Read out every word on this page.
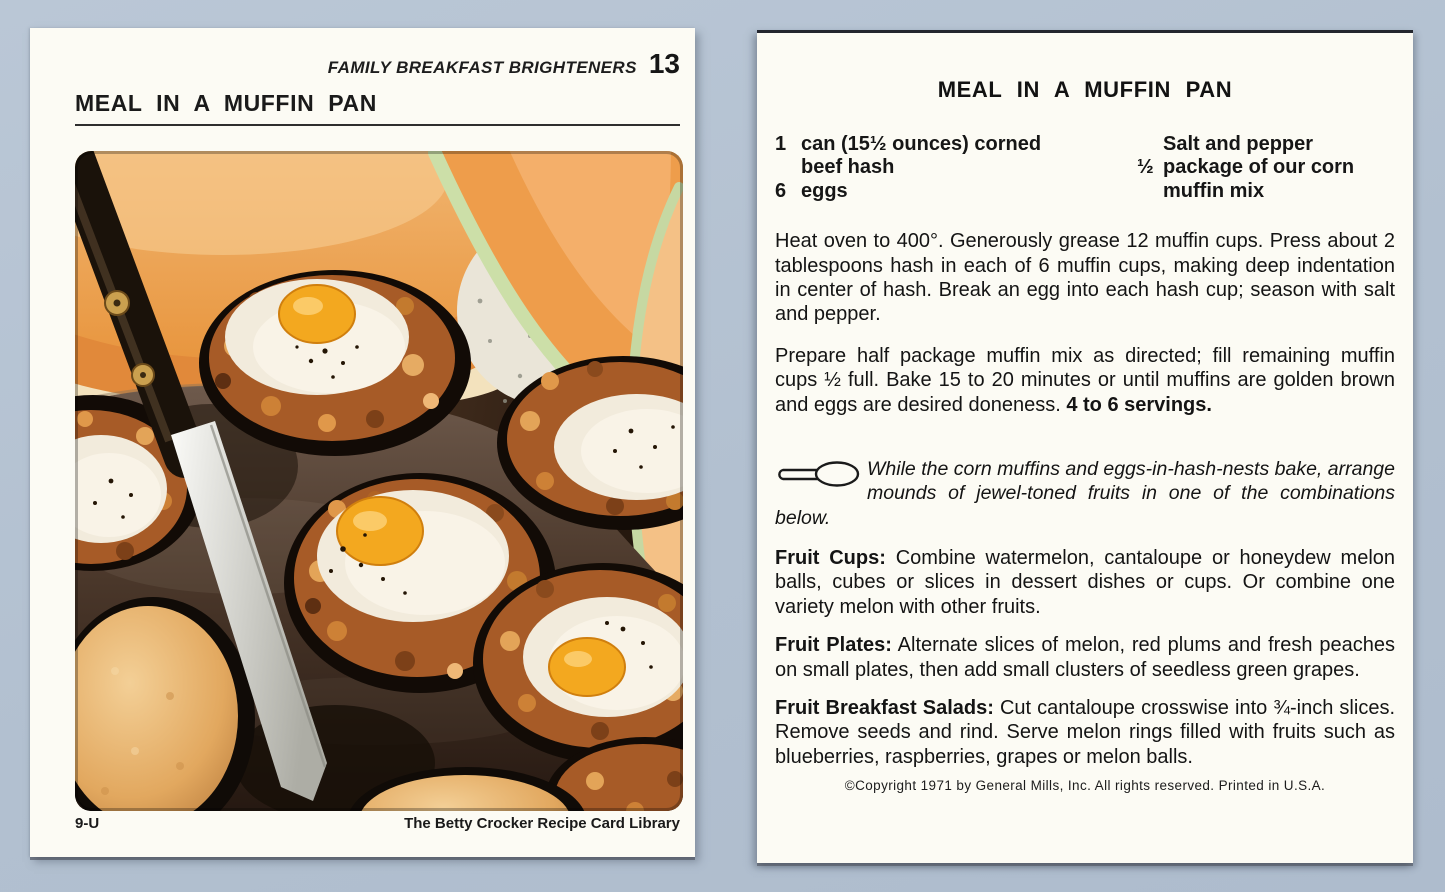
FAMILY BREAKFAST BRIGHTENERS 13
MEAL IN A MUFFIN PAN
9-U	The Betty Crocker Recipe Card Library
MEAL IN A MUFFIN PAN
1 can (15½ ounces) corned beef hash
6 eggs
Salt and pepper
½ package of our corn muffin mix

Heat oven to 400°. Generously grease 12 muffin cups. Press about 2 tablespoons hash in each of 6 muffin cups, making deep indentation in center of hash. Break an egg into each hash cup; season with salt and pepper.

Prepare half package muffin mix as directed; fill remaining muffin cups ½ full. Bake 15 to 20 minutes or until muffins are golden brown and eggs are desired doneness. 4 to 6 servings.

While the corn muffins and eggs-in-hash-nests bake, arrange mounds of jewel-toned fruits in one of the combinations below.

Fruit Cups: Combine watermelon, cantaloupe or honeydew melon balls, cubes or slices in dessert dishes or cups. Or combine one variety melon with other fruits.

Fruit Plates: Alternate slices of melon, red plums and fresh peaches on small plates, then add small clusters of seedless green grapes.

Fruit Breakfast Salads: Cut cantaloupe crosswise into ¾-inch slices. Remove seeds and rind. Serve melon rings filled with fruits such as blueberries, raspberries, grapes or melon balls.

©Copyright 1971 by General Mills, Inc. All rights reserved. Printed in U.S.A.
